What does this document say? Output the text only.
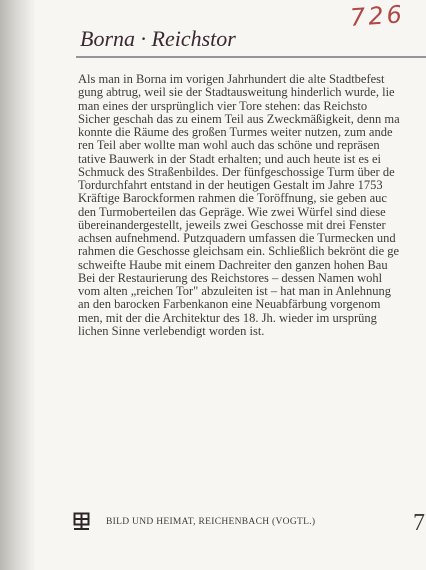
726
Borna · Reichstor
Als man in Borna im vorigen Jahrhundert die alte Stadtbefest
gung abtrug, weil sie der Stadtausweitung hinderlich wurde, lie
man eines der ursprünglich vier Tore stehen: das Reichsto
Sicher geschah das zu einem Teil aus Zweckmäßigkeit, denn ma
konnte die Räume des großen Turmes weiter nutzen, zum ande
ren Teil aber wollte man wohl auch das schöne und repräsen
tative Bauwerk in der Stadt erhalten; und auch heute ist es ei
Schmuck des Straßenbildes. Der fünfgeschossige Turm über de
Tordurchfahrt entstand in der heutigen Gestalt im Jahre 1753
Kräftige Barockformen rahmen die Toröffnung, sie geben auc
den Turmoberteilen das Gepräge. Wie zwei Würfel sind diese
übereinandergestellt, jeweils zwei Geschosse mit drei Fenster
achsen aufnehmend. Putzquadern umfassen die Turmecken und
rahmen die Geschosse gleichsam ein. Schließlich bekrönt die ge
schweifte Haube mit einem Dachreiter den ganzen hohen Bau
Bei der Restaurierung des Reichstores – dessen Namen wohl
vom alten „reichen Tor" abzuleiten ist – hat man in Anlehnung
an den barocken Farbenkanon eine Neuabfärbung vorgenom
men, mit der die Architektur des 18. Jh. wieder im ursprüng
lichen Sinne verlebendigt worden ist.
BILD UND HEIMAT, REICHENBACH (VOGTL.)	7
